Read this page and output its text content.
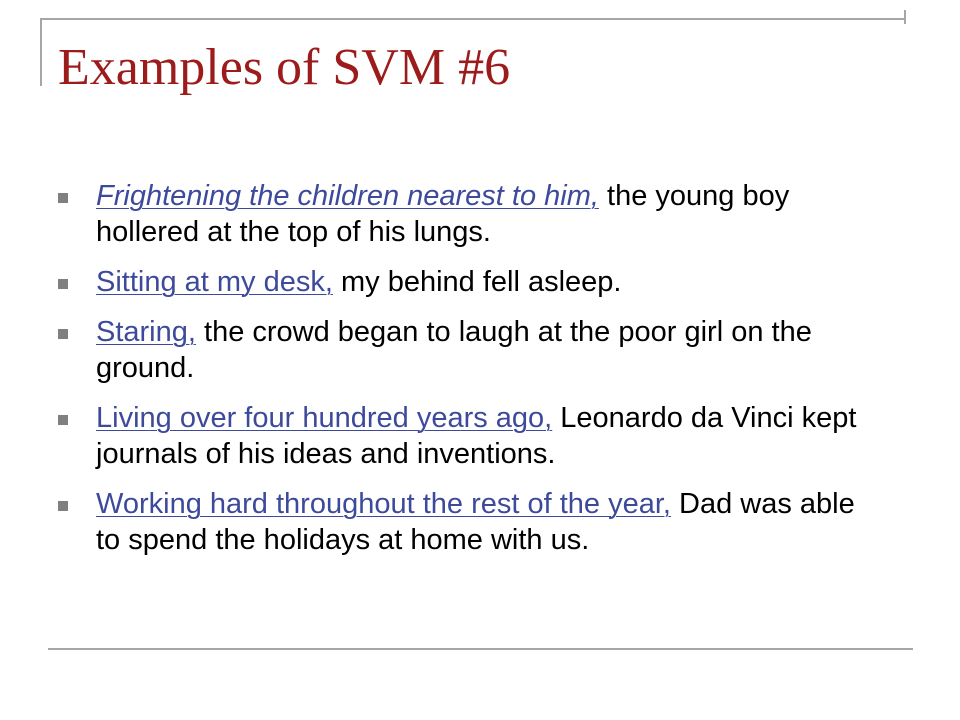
Examples of SVM #6
Frightening the children nearest to him, the young boy hollered at the top of his lungs.
Sitting at my desk, my behind fell asleep.
Staring, the crowd began to laugh at the poor girl on the ground.
Living over four hundred years ago, Leonardo da Vinci kept journals of his ideas and inventions.
Working hard throughout the rest of the year, Dad was able to spend the holidays at home with us.
